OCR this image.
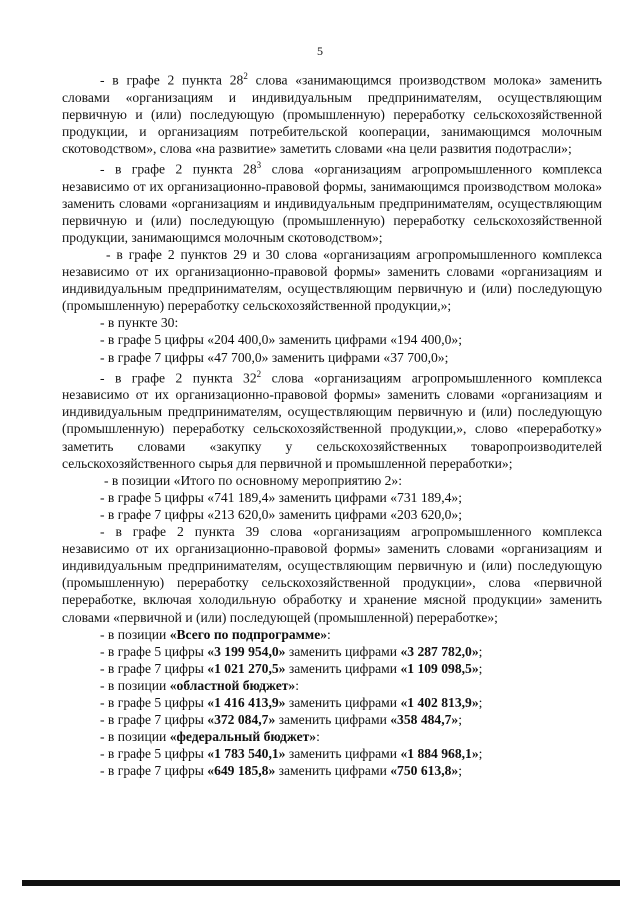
5

- в графе 2 пункта $28^2$ слова «занимающимся производством молока» заменить словами «организациям и индивидуальным предпринимателям, осуществляющим первичную и (или) последующую (промышленную) переработку сельскохозяйственной продукции, и организациям потребительской кооперации, занимающимся молочным скотоводством», слова «на развитие» заметить словами «на цели развития подотрасли»;

- в графе 2 пункта $28^3$ слова «организациям агропромышленного комплекса независимо от их организационно-правовой формы, занимающимся производством молока» заменить словами «организациям и индивидуальным предпринимателям, осуществляющим первичную и (или) последующую (промышленную) переработку сельскохозяйственной продукции, занимающимся молочным скотоводством»;

- в графе 2 пунктов 29 и 30 слова «организациям агропромышленного комплекса независимо от их организационно-правовой формы» заменить словами «организациям и индивидуальным предпринимателям, осуществляющим первичную и (или) последующую (промышленную) переработку сельскохозяйственной продукции,»;

- в пункте 30:

- в графе 5 цифры «204 400,0» заменить цифрами «194 400,0»;

- в графе 7 цифры «47 700,0» заменить цифрами «37 700,0»;

- в графе 2 пункта $32^2$ слова «организациям агропромышленного комплекса независимо от их организационно-правовой формы» заменить словами «организациям и индивидуальным предпринимателям, осуществляющим первичную и (или) последующую (промышленную) переработку сельскохозяйственной продукции,», слово «переработку» заметить словами «закупку у сельскохозяйственных товаропроизводителей сельскохозяйственного сырья для первичной и промышленной переработки»;

- в позиции «Итого по основному мероприятию 2»:

- в графе 5 цифры «741 189,4» заменить цифрами «731 189,4»;

- в графе 7 цифры «213 620,0» заменить цифрами «203 620,0»;

- в графе 2 пункта 39 слова «организациям агропромышленного комплекса независимо от их организационно-правовой формы» заменить словами «организациям и индивидуальным предпринимателям, осуществляющим первичную и (или) последующую (промышленную) переработку сельскохозяйственной продукции», слова «первичной переработке, включая холодильную обработку и хранение мясной продукции» заменить словами «первичной и (или) последующей (промышленной) переработке»;

- в позиции «Всего по подпрограмме»:

- в графе 5 цифры «3 199 954,0» заменить цифрами «3 287 782,0»;

- в графе 7 цифры «1 021 270,5» заменить цифрами «1 109 098,5»;

- в позиции «областной бюджет»:

- в графе 5 цифры «1 416 413,9» заменить цифрами «1 402 813,9»;

- в графе 7 цифры «372 084,7» заменить цифрами «358 484,7»;

- в позиции «федеральный бюджет»:

- в графе 5 цифры «1 783 540,1» заменить цифрами «1 884 968,1»;

- в графе 7 цифры «649 185,8» заменить цифрами «750 613,8»;
